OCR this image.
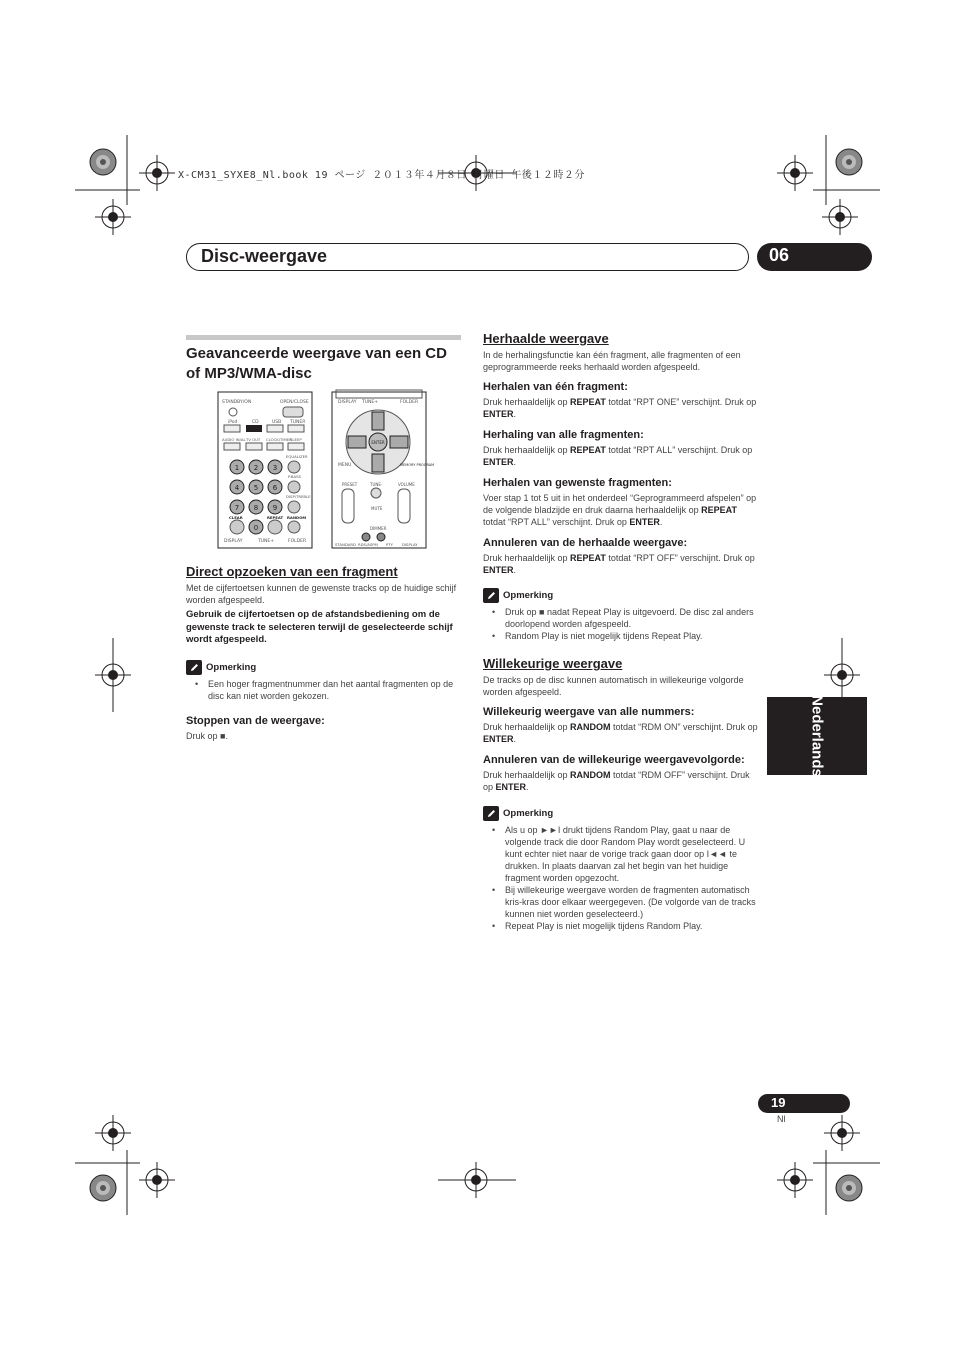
X-CM31_SYXE8_Nl.book 19 ページ ２０１３年４月８日 月曜日 午後１２時２分
Disc-weergave	06
Nederlands
Geavanceerde weergave van een CD of MP3/WMA-disc
STANDBY/ON	OPEN/CLOSE
iPod	CD	USB TUNER
AUDIO IN/AL TV OUT CLOCK/TIMER
SLEEP
EQUALIZER
P.BASS
DISP/TREBLE
1 2 3
4 5 6
7 8 9
0
CLEAR	REPEAT RANDOM
DISPLAY	TUNE+	FOLDER
DISPLAY TUNE+	FOLDER
ENTER
MENU	MEMORY PROGRAM
PRESET	TUNE-	VOLUME
MUTE
DIMMER
STANDARD RDS/ASPM PTY DISPLAY
Direct opzoeken van een fragment
Met de cijfertoetsen kunnen de gewenste tracks op de huidige schijf worden afgespeeld.
Gebruik de cijfertoetsen op de afstandsbediening om de gewenste track te selecteren terwijl de geselecteerde schijf wordt afgespeeld.
Opmerking
• Een hoger fragmentnummer dan het aantal fragmenten op de disc kan niet worden gekozen.
Stoppen van de weergave:
Druk op ■.
Herhaalde weergave
In de herhalingsfunctie kan één fragment, alle fragmenten of een geprogrammeerde reeks herhaald worden afgespeeld.
Herhalen van één fragment:
Druk herhaaldelijk op REPEAT totdat “RPT ONE” verschijnt. Druk op ENTER.
Herhaling van alle fragmenten:
Druk herhaaldelijk op REPEAT totdat “RPT ALL” verschijnt. Druk op ENTER.
Herhalen van gewenste fragmenten:
Voer stap 1 tot 5 uit in het onderdeel “Geprogrammeerd afspelen” op de volgende bladzijde en druk daarna herhaaldelijk op REPEAT totdat “RPT ALL” verschijnt. Druk op ENTER.
Annuleren van de herhaalde weergave:
Druk herhaaldelijk op REPEAT totdat “RPT OFF” verschijnt. Druk op ENTER.
Opmerking
• Druk op ■ nadat Repeat Play is uitgevoerd. De disc zal anders doorlopend worden afgespeeld.
• Random Play is niet mogelijk tijdens Repeat Play.
Willekeurige weergave
De tracks op de disc kunnen automatisch in willekeurige volgorde worden afgespeeld.
Willekeurig weergave van alle nummers:
Druk herhaaldelijk op RANDOM totdat “RDM ON” verschijnt. Druk op ENTER.
Annuleren van de willekeurige weergavevolgorde:
Druk herhaaldelijk op RANDOM totdat “RDM OFF” verschijnt. Druk op ENTER.
Opmerking
• Als u op ►►I drukt tijdens Random Play, gaat u naar de volgende track die door Random Play wordt geselecteerd. U kunt echter niet naar de vorige track gaan door op I◄◄ te drukken. In plaats daarvan zal het begin van het huidige fragment worden opgezocht.
• Bij willekeurige weergave worden de fragmenten automatisch kris-kras door elkaar weergegeven. (De volgorde van de tracks kunnen niet worden geselecteerd.)
• Repeat Play is niet mogelijk tijdens Random Play.
19
Nl
